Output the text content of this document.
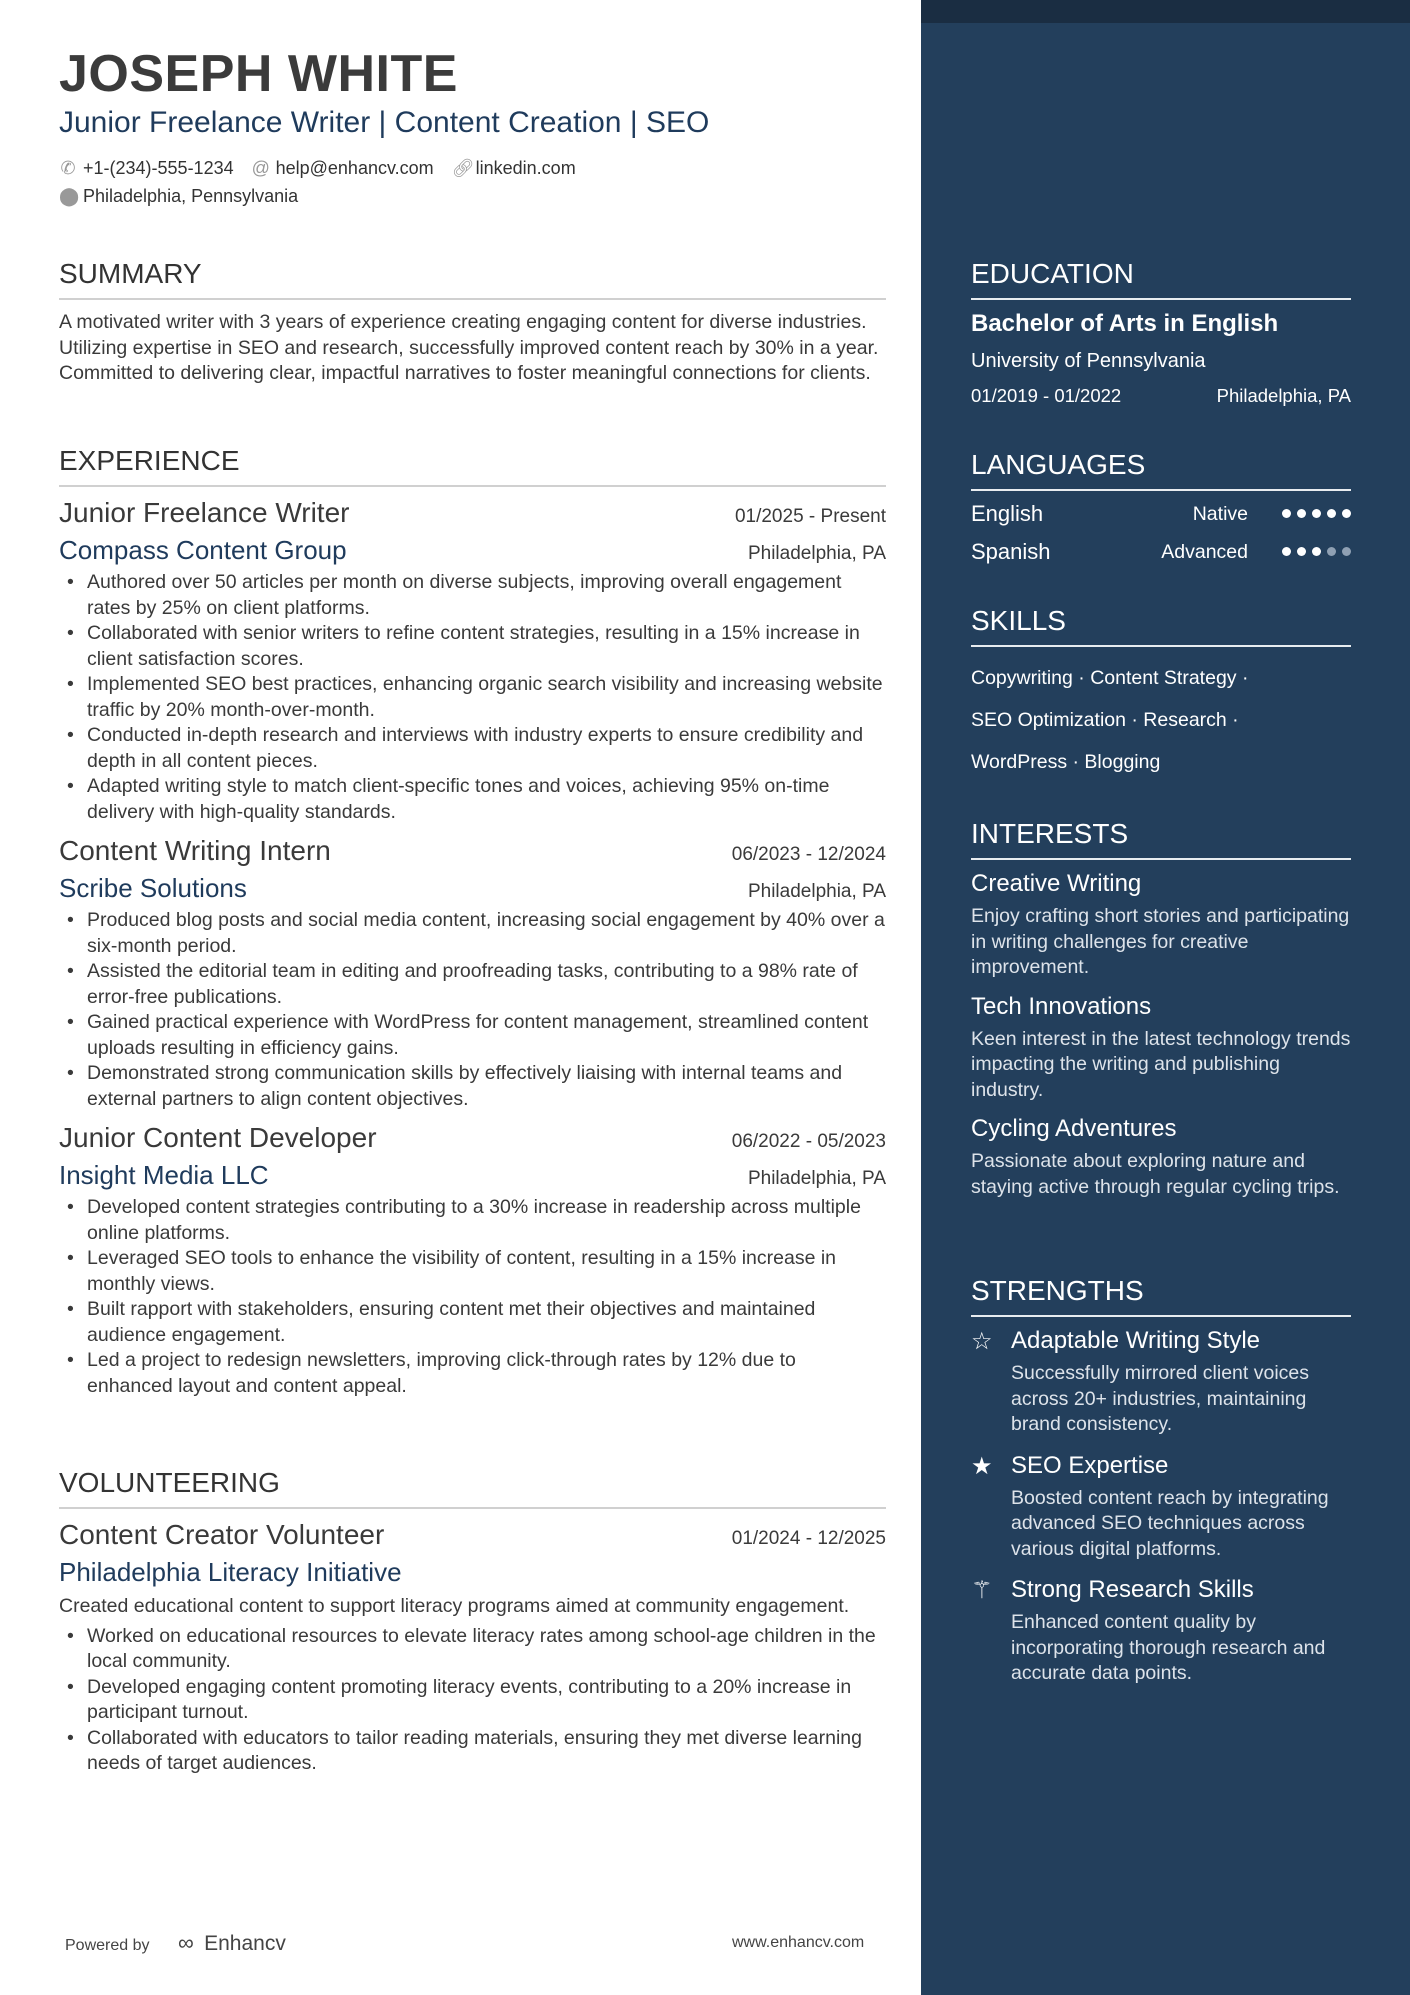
JOSEPH WHITE
Junior Freelance Writer | Content Creation | SEO
✆ +1-(234)-555-1234 @ help@enhancv.com 🔗︎linkedin.com
⬤ Philadelphia, Pennsylvania
SUMMARY
A motivated writer with 3 years of experience creating engaging content for diverse industries. Utilizing expertise in SEO and research, successfully improved content reach by 30% in a year. Committed to delivering clear, impactful narratives to foster meaningful connections for clients.
EXPERIENCE
Junior Freelance Writer	01/2025 - Present
Compass Content Group	Philadelphia, PA
• Authored over 50 articles per month on diverse subjects, improving overall engagement rates by 25% on client platforms.
• Collaborated with senior writers to refine content strategies, resulting in a 15% increase in client satisfaction scores.
• Implemented SEO best practices, enhancing organic search visibility and increasing website traffic by 20% month-over-month.
• Conducted in-depth research and interviews with industry experts to ensure credibility and depth in all content pieces.
• Adapted writing style to match client-specific tones and voices, achieving 95% on-time delivery with high-quality standards.
Content Writing Intern	06/2023 - 12/2024
Scribe Solutions	Philadelphia, PA
• Produced blog posts and social media content, increasing social engagement by 40% over a six-month period.
• Assisted the editorial team in editing and proofreading tasks, contributing to a 98% rate of error-free publications.
• Gained practical experience with WordPress for content management, streamlined content uploads resulting in efficiency gains.
• Demonstrated strong communication skills by effectively liaising with internal teams and external partners to align content objectives.
Junior Content Developer	06/2022 - 05/2023
Insight Media LLC	Philadelphia, PA
• Developed content strategies contributing to a 30% increase in readership across multiple online platforms.
• Leveraged SEO tools to enhance the visibility of content, resulting in a 15% increase in monthly views.
• Built rapport with stakeholders, ensuring content met their objectives and maintained audience engagement.
• Led a project to redesign newsletters, improving click-through rates by 12% due to enhanced layout and content appeal.
VOLUNTEERING
Content Creator Volunteer	01/2024 - 12/2025
Philadelphia Literacy Initiative
Created educational content to support literacy programs aimed at community engagement.
• Worked on educational resources to elevate literacy rates among school-age children in the local community.
• Developed engaging content promoting literacy events, contributing to a 20% increase in participant turnout.
• Collaborated with educators to tailor reading materials, ensuring they met diverse learning needs of target audiences.
Powered by ∞ Enhancv	www.enhancv.com
EDUCATION
Bachelor of Arts in English
University of Pennsylvania
01/2019 - 01/2022	Philadelphia, PA
LANGUAGES
English	Native
Spanish	Advanced
SKILLS
Copywriting · Content Strategy ·
SEO Optimization · Research ·
WordPress · Blogging
INTERESTS
Creative Writing
Enjoy crafting short stories and participating in writing challenges for creative improvement.
Tech Innovations
Keen interest in the latest technology trends impacting the writing and publishing industry.
Cycling Adventures
Passionate about exploring nature and staying active through regular cycling trips.
STRENGTHS
☆ Adaptable Writing Style
Successfully mirrored client voices across 20+ industries, maintaining brand consistency.
★ SEO Expertise
Boosted content reach by integrating advanced SEO techniques across various digital platforms.
⚚ Strong Research Skills
Enhanced content quality by incorporating thorough research and accurate data points.
